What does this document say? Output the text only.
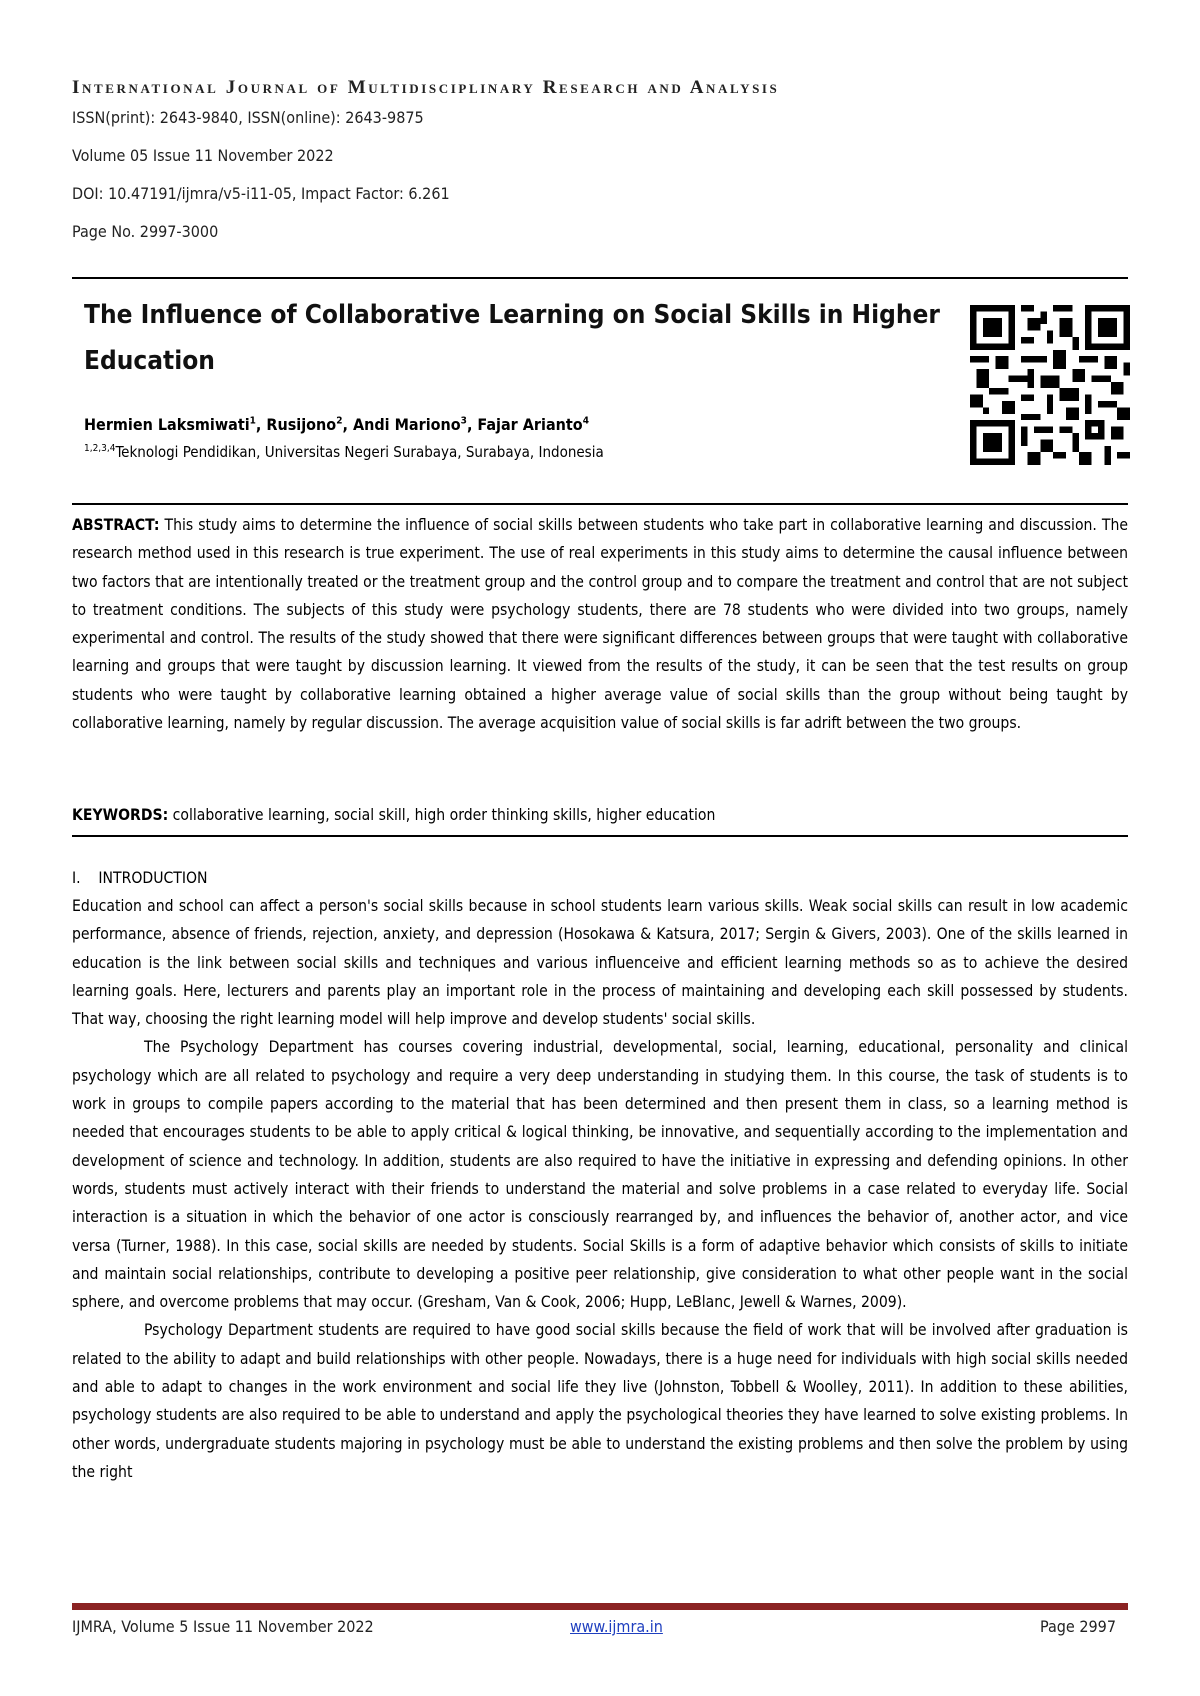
International Journal of Multidisciplinary Research and Analysis
ISSN(print): 2643-9840, ISSN(online): 2643-9875
Volume 05 Issue 11 November 2022
DOI: 10.47191/ijmra/v5-i11-05, Impact Factor: 6.261
Page No. 2997-3000
The Influence of Collaborative Learning on Social Skills in Higher Education
Hermien Laksmiwati$^1$, Rusijono$^2$, Andi Mariono$^3$, Fajar Arianto$^4$
$^{1,2,3,4}$Teknologi Pendidikan, Universitas Negeri Surabaya, Surabaya, Indonesia
ABSTRACT: This study aims to determine the influence of social skills between students who take part in collaborative learning and discussion. The research method used in this research is true experiment. The use of real experiments in this study aims to determine the causal influence between two factors that are intentionally treated or the treatment group and the control group and to compare the treatment and control that are not subject to treatment conditions. The subjects of this study were psychology students, there are 78 students who were divided into two groups, namely experimental and control. The results of the study showed that there were significant differences between groups that were taught with collaborative learning and groups that were taught by discussion learning. It viewed from the results of the study, it can be seen that the test results on group students who were taught by collaborative learning obtained a higher average value of social skills than the group without being taught by collaborative learning, namely by regular discussion. The average acquisition value of social skills is far adrift between the two groups.
KEYWORDS: collaborative learning, social skill, high order thinking skills, higher education
I. INTRODUCTION

Education and school can affect a person's social skills because in school students learn various skills. Weak social skills can result in low academic performance, absence of friends, rejection, anxiety, and depression (Hosokawa & Katsura, 2017; Sergin & Givers, 2003). One of the skills learned in education is the link between social skills and techniques and various influenceive and efficient learning methods so as to achieve the desired learning goals. Here, lecturers and parents play an important role in the process of maintaining and developing each skill possessed by students. That way, choosing the right learning model will help improve and develop students' social skills.

The Psychology Department has courses covering industrial, developmental, social, learning, educational, personality and clinical psychology which are all related to psychology and require a very deep understanding in studying them. In this course, the task of students is to work in groups to compile papers according to the material that has been determined and then present them in class, so a learning method is needed that encourages students to be able to apply critical & logical thinking, be innovative, and sequentially according to the implementation and development of science and technology. In addition, students are also required to have the initiative in expressing and defending opinions. In other words, students must actively interact with their friends to understand the material and solve problems in a case related to everyday life. Social interaction is a situation in which the behavior of one actor is consciously rearranged by, and influences the behavior of, another actor, and vice versa (Turner, 1988). In this case, social skills are needed by students. Social Skills is a form of adaptive behavior which consists of skills to initiate and maintain social relationships, contribute to developing a positive peer relationship, give consideration to what other people want in the social sphere, and overcome problems that may occur. (Gresham, Van & Cook, 2006; Hupp, LeBlanc, Jewell & Warnes, 2009).

Psychology Department students are required to have good social skills because the field of work that will be involved after graduation is related to the ability to adapt and build relationships with other people. Nowadays, there is a huge need for individuals with high social skills needed and able to adapt to changes in the work environment and social life they live (Johnston, Tobbell & Woolley, 2011). In addition to these abilities, psychology students are also required to be able to understand and apply the psychological theories they have learned to solve existing problems. In other words, undergraduate students majoring in psychology must be able to understand the existing problems and then solve the problem by using the right

IJMRA, Volume 5 Issue 11 November 2022	www.ijmra.in	Page 2997
